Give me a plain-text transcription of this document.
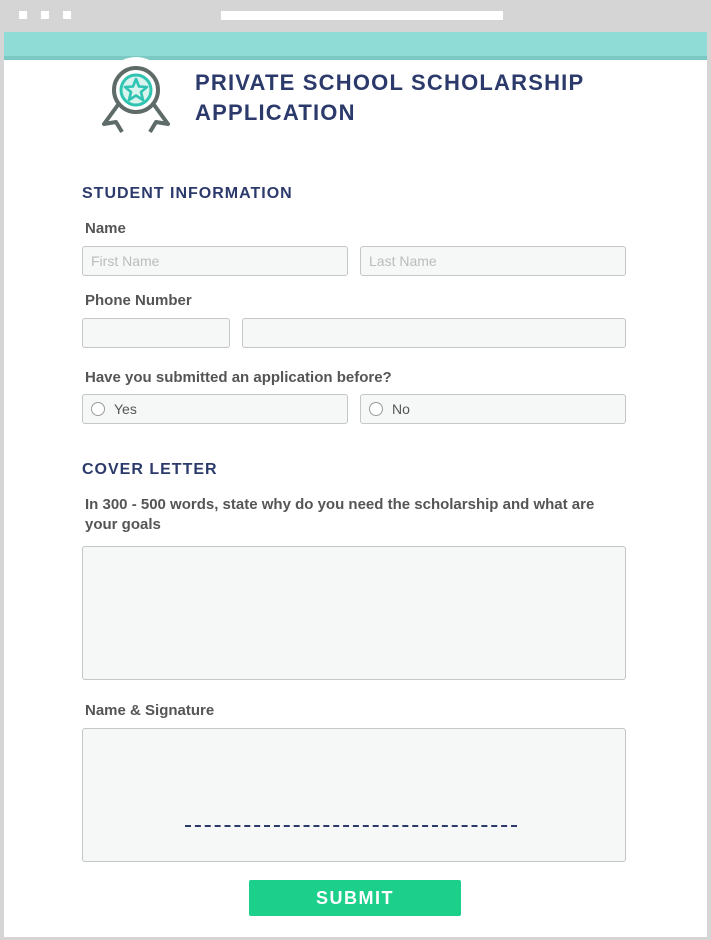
PRIVATE SCHOOL SCHOLARSHIP APPLICATION
STUDENT INFORMATION
Name
First Name
Last Name
Phone Number
Have you submitted an application before?
Yes	No
COVER LETTER
In 300 - 500 words, state why do you need the scholarship and what are your goals
Name & Signature
SUBMIT
